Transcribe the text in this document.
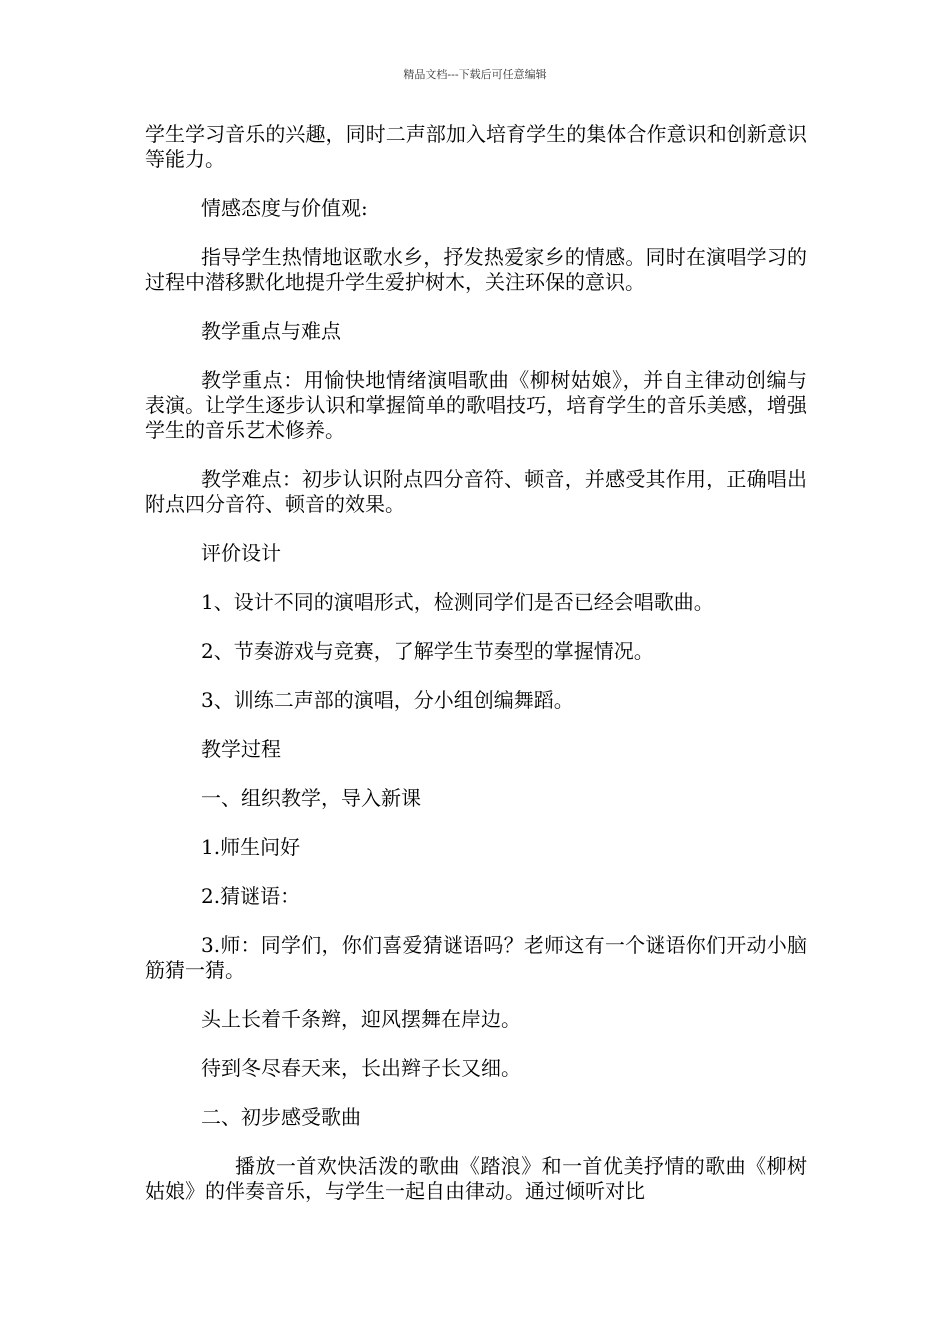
精品文档---下载后可任意编辑

学生学习音乐的兴趣，同时二声部加入培育学生的集体合作意识和创新意识等能力。

情感态度与价值观:

指导学生热情地讴歌水乡，抒发热爱家乡的情感。同时在演唱学习的过程中潜移默化地提升学生爱护树木，关注环保的意识。

教学重点与难点

教学重点：用愉快地情绪演唱歌曲《柳树姑娘》，并自主律动创编与表演。让学生逐步认识和掌握简单的歌唱技巧，培育学生的音乐美感，增强学生的音乐艺术修养。

教学难点：初步认识附点四分音符、顿音，并感受其作用，正确唱出附点四分音符、顿音的效果。

评价设计

1、设计不同的演唱形式，检测同学们是否已经会唱歌曲。

2、节奏游戏与竞赛，了解学生节奏型的掌握情况。

3、训练二声部的演唱，分小组创编舞蹈。

教学过程

一、组织教学，导入新课

1.师生问好

2.猜谜语：

3.师：同学们，你们喜爱猜谜语吗？老师这有一个谜语你们开动小脑筋猜一猜。

头上长着千条辫，迎风摆舞在岸边。

待到冬尽春天来，长出辫子长又细。

二、初步感受歌曲

播放一首欢快活泼的歌曲《踏浪》和一首优美抒情的歌曲《柳树姑娘》的伴奏音乐，与学生一起自由律动。通过倾听对比
